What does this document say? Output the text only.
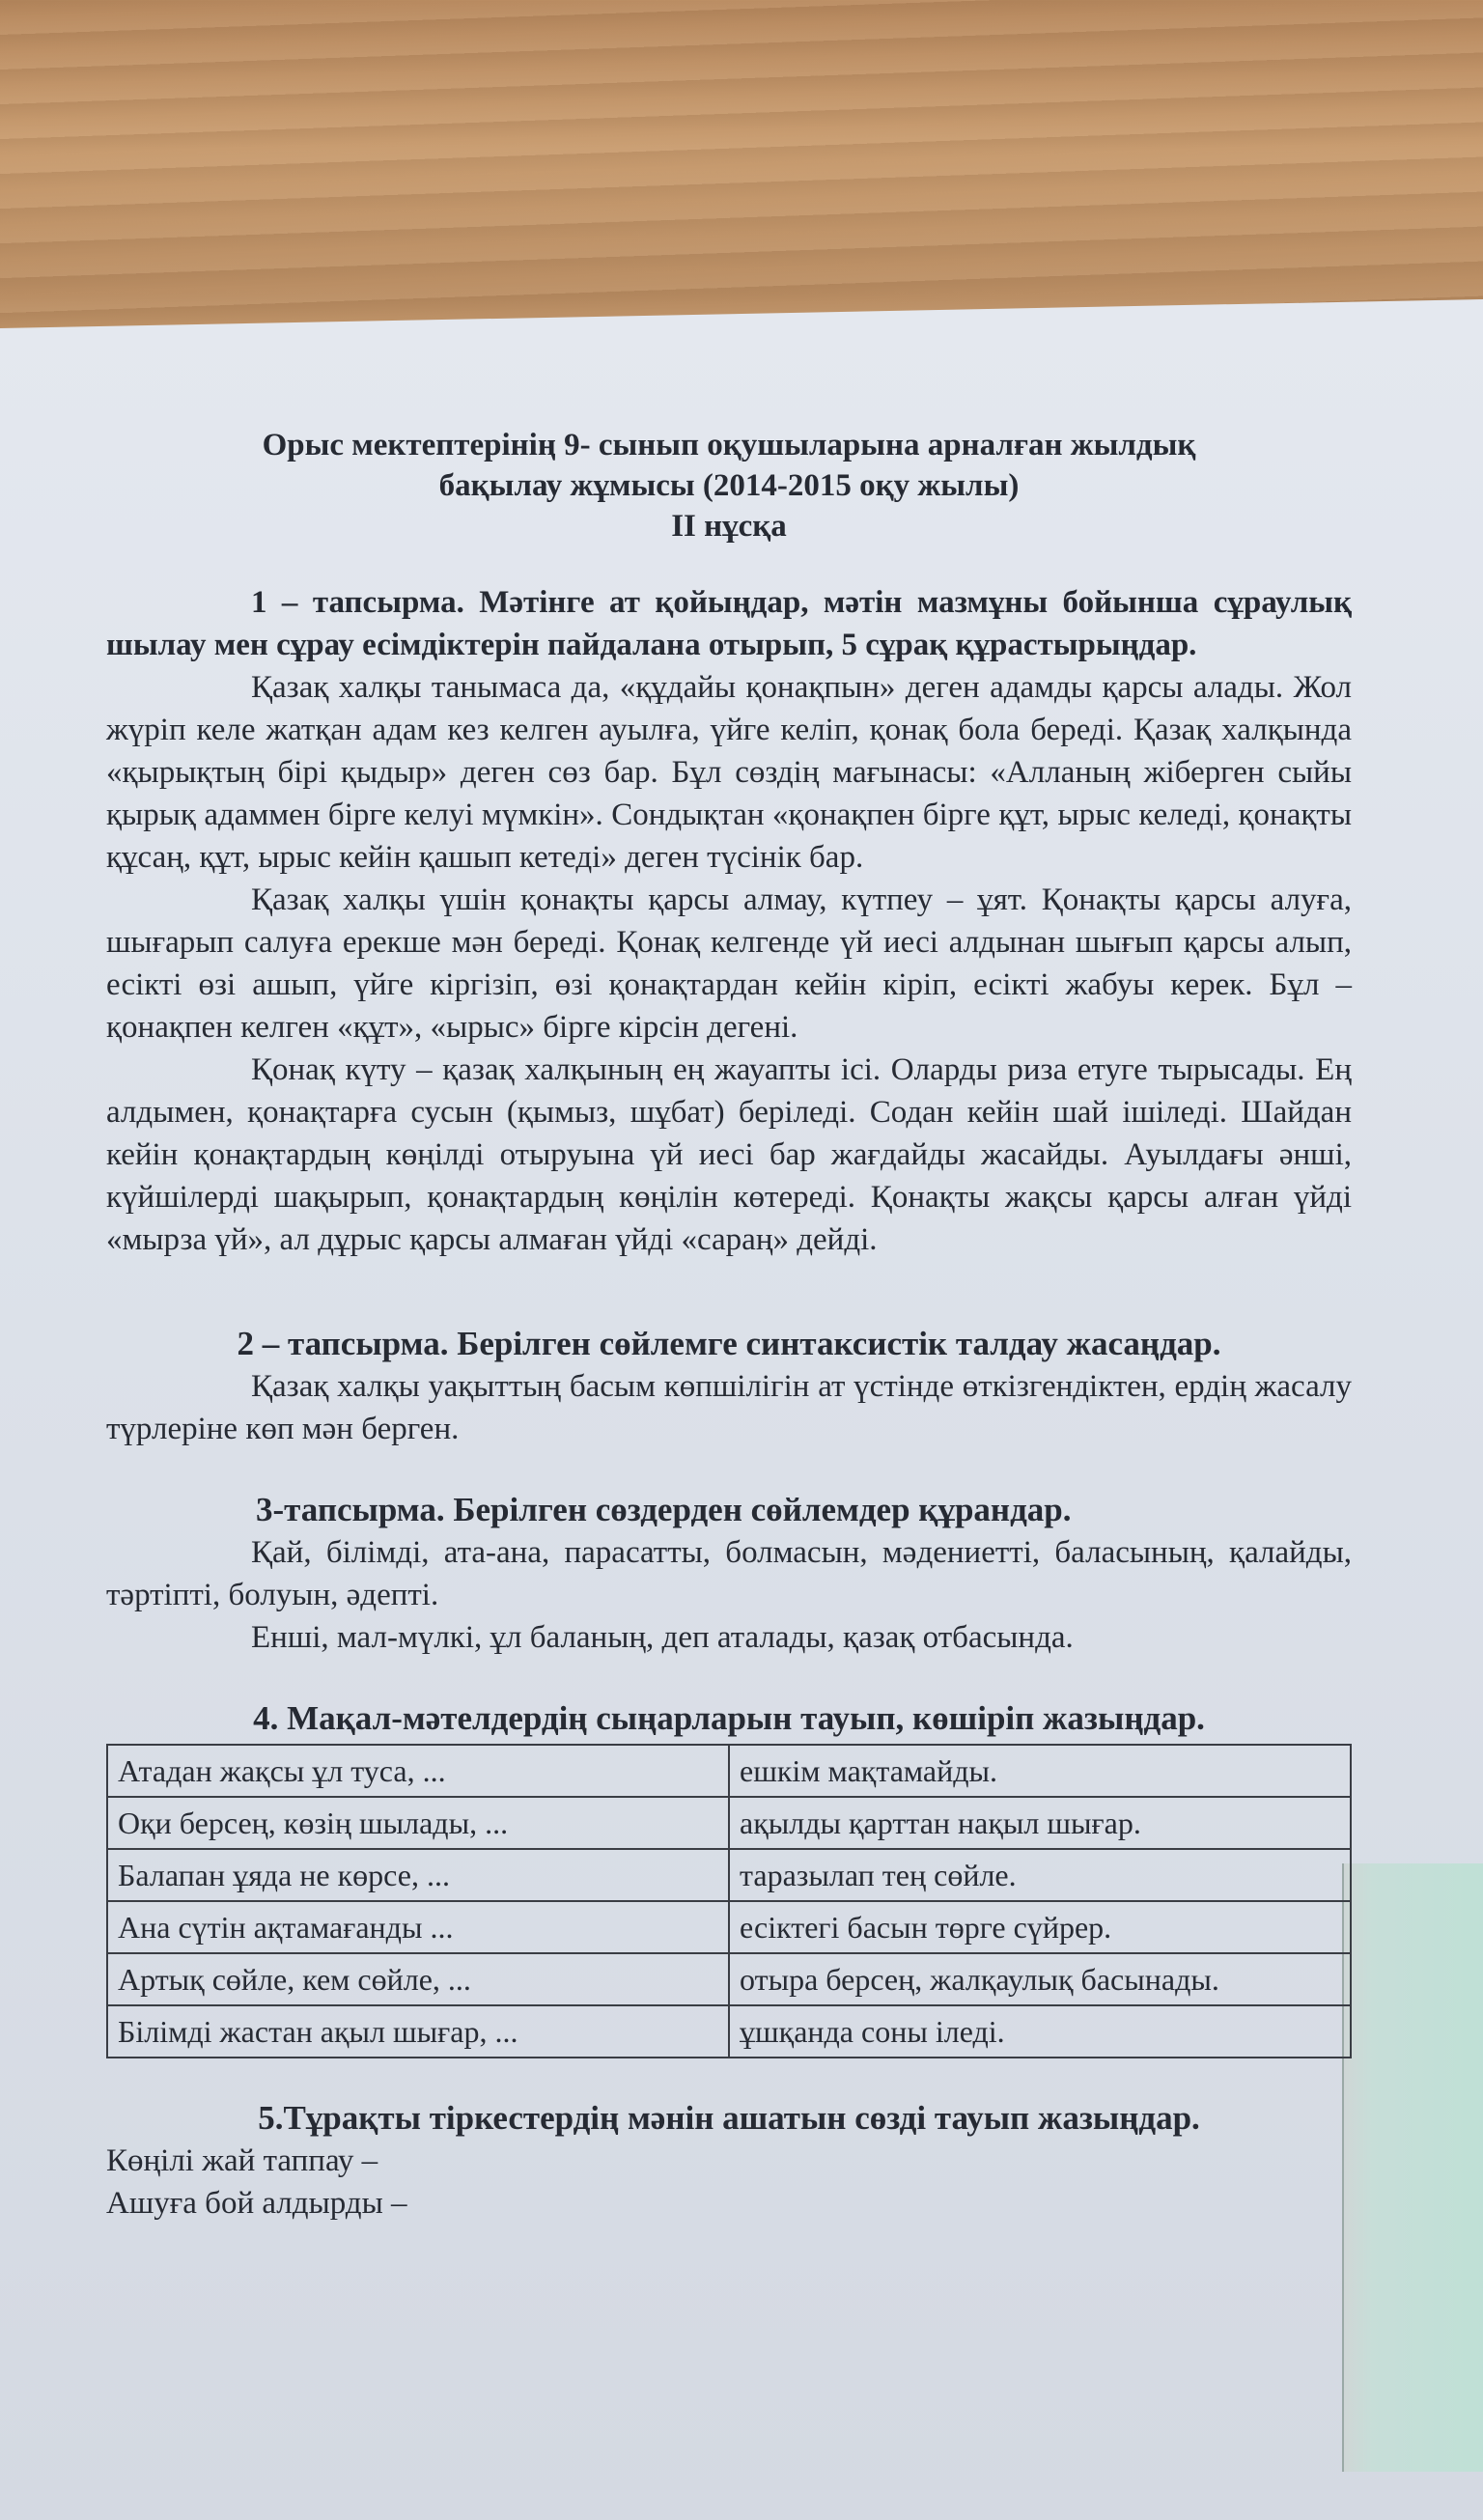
Орыс мектептерінің 9- сынып оқушыларына арналған жылдық
бақылау жұмысы (2014-2015 оқу жылы)
ІІ нұсқа

1 – тапсырма. Мәтінге ат қойыңдар, мәтін мазмұны бойынша сұраулық шылау мен сұрау есімдіктерін пайдалана отырып, 5 сұрақ құрастырыңдар.

Қазақ халқы танымаса да, «құдайы қонақпын» деген адамды қарсы алады. Жол жүріп келе жатқан адам кез келген ауылға, үйге келіп, қонақ бола береді. Қазақ халқында «қырықтың бірі қыдыр» деген сөз бар. Бұл сөздің мағынасы: «Алланың жіберген сыйы қырық адаммен бірге келуі мүмкін». Сондықтан «қонақпен бірге құт, ырыс келеді, қонақты құсаң, құт, ырыс кейін қашып кетеді» деген түсінік бар.

Қазақ халқы үшін қонақты қарсы алмау, күтпеу – ұят. Қонақты қарсы алуға, шығарып салуға ерекше мән береді. Қонақ келгенде үй иесі алдынан шығып қарсы алып, есікті өзі ашып, үйге кіргізіп, өзі қонақтардан кейін кіріп, есікті жабуы керек. Бұл – қонақпен келген «құт», «ырыс» бірге кірсін дегені.

Қонақ күту – қазақ халқының ең жауапты ісі. Оларды риза етуге тырысады. Ең алдымен, қонақтарға сусын (қымыз, шұбат) беріледі. Содан кейін шай ішіледі. Шайдан кейін қонақтардың көңілді отыруына үй иесі бар жағдайды жасайды. Ауылдағы әнші, күйшілерді шақырып, қонақтардың көңілін көтереді. Қонақты жақсы қарсы алған үйді «мырза үй», ал дұрыс қарсы алмаған үйді «сараң» дейді.

2 – тапсырма. Берілген сөйлемге синтаксистік талдау жасаңдар.

Қазақ халқы уақыттың басым көпшілігін ат үстінде өткізгендіктен, ердің жасалу түрлеріне көп мән берген.

3-тапсырма. Берілген сөздерден сөйлемдер құрандар.

Қай, білімді, ата-ана, парасатты, болмасын, мәдениетті, баласының, қалайды, тәртіпті, болуын, әдепті.

Енші, мал-мүлкі, ұл баланың, деп аталады, қазақ отбасында.

4. Мақал-мәтелдердің сыңарларын тауып, көшіріп жазыңдар.

Атадан жақсы ұл туса, ...	ешкім мақтамайды.
Оқи берсең, көзің шылады, ...	ақылды қарттан нақыл шығар.
Балапан ұяда не көрсе, ...	таразылап тең сөйле.
Ана сүтін ақтамағанды ...	есіктегі басын төрге сүйрер.
Артық сөйле, кем сөйле, ...	отыра берсең, жалқаулық басынады.
Білімді жастан ақыл шығар, ...	ұшқанда соны іледі.

5.Тұрақты тіркестердің мәнін ашатын сөзді тауып жазыңдар.

Көңілі жай таппау –

Ашуға бой алдырды –
